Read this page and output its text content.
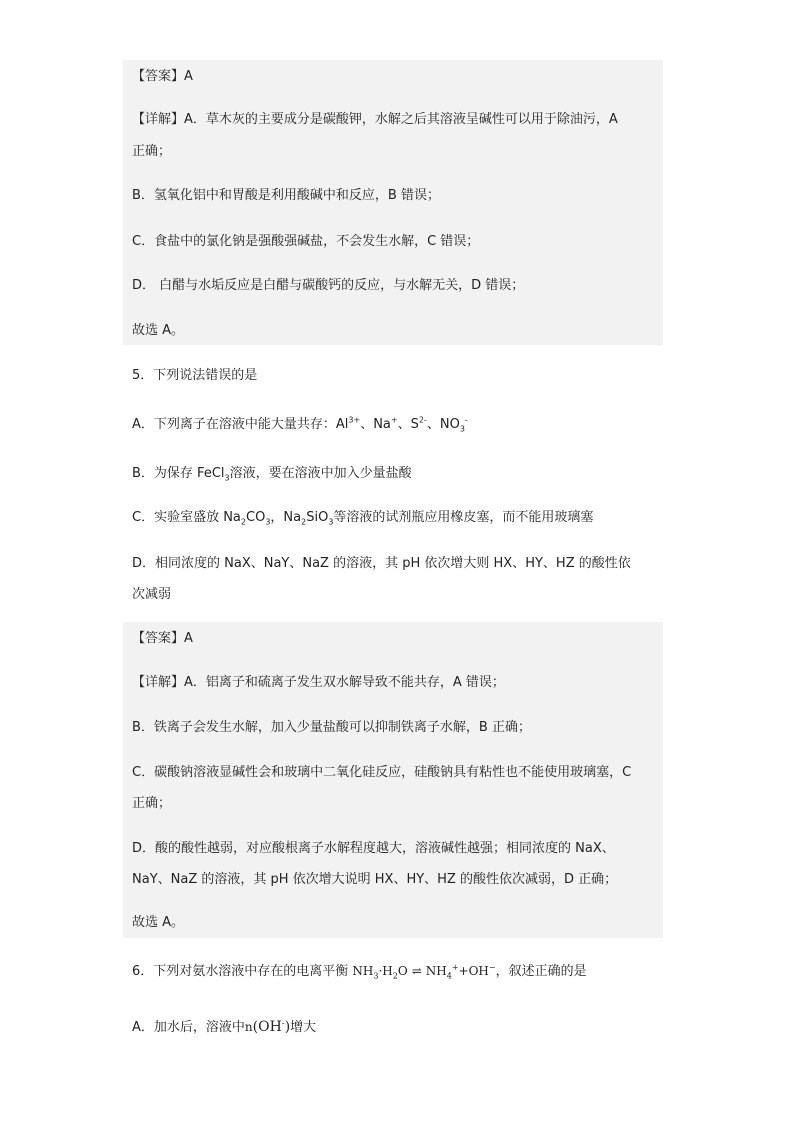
【答案】A
【详解】A．草木灰的主要成分是碳酸钾，水解之后其溶液呈碱性可以用于除油污，A
正确；
B．氢氧化铝中和胃酸是利用酸碱中和反应，B 错误；
C．食盐中的氯化钠是强酸强碱盐，不会发生水解，C 错误；
D． 白醋与水垢反应是白醋与碳酸钙的反应，与水解无关，D 错误；
故选 A。
5．下列说法错误的是
A．下列离子在溶液中能大量共存：$Al^{3+}$、Na+、$S^{2-}$、$NO_3^-$
B．为保存 FeCl$_3$溶液，要在溶液中加入少量盐酸
C．实验室盛放 $Na_2CO_3$，$Na_2SiO_3$等溶液的试剂瓶应用橡皮塞，而不能用玻璃塞
D．相同浓度的 NaX、NaY、NaZ 的溶液，其 pH 依次增大则 HX、HY、HZ 的酸性依
次减弱
【答案】A
【详解】A．铝离子和硫离子发生双水解导致不能共存，A 错误；
B．铁离子会发生水解，加入少量盐酸可以抑制铁离子水解，B 正确；
C．碳酸钠溶液显碱性会和玻璃中二氧化硅反应，硅酸钠具有粘性也不能使用玻璃塞，C
正确；
D．酸的酸性越弱，对应酸根离子水解程度越大，溶液碱性越强；相同浓度的 NaX、
NaY、NaZ 的溶液，其 pH 依次增大说明 HX、HY、HZ 的酸性依次减弱，D 正确；
故选 A。
6．下列对氨水溶液中存在的电离平衡 $NH_3\cdot H_2O$ ⇌ $NH_4^++OH^-$，叙述正确的是
A．加水后，溶液中n(OH-)增大
